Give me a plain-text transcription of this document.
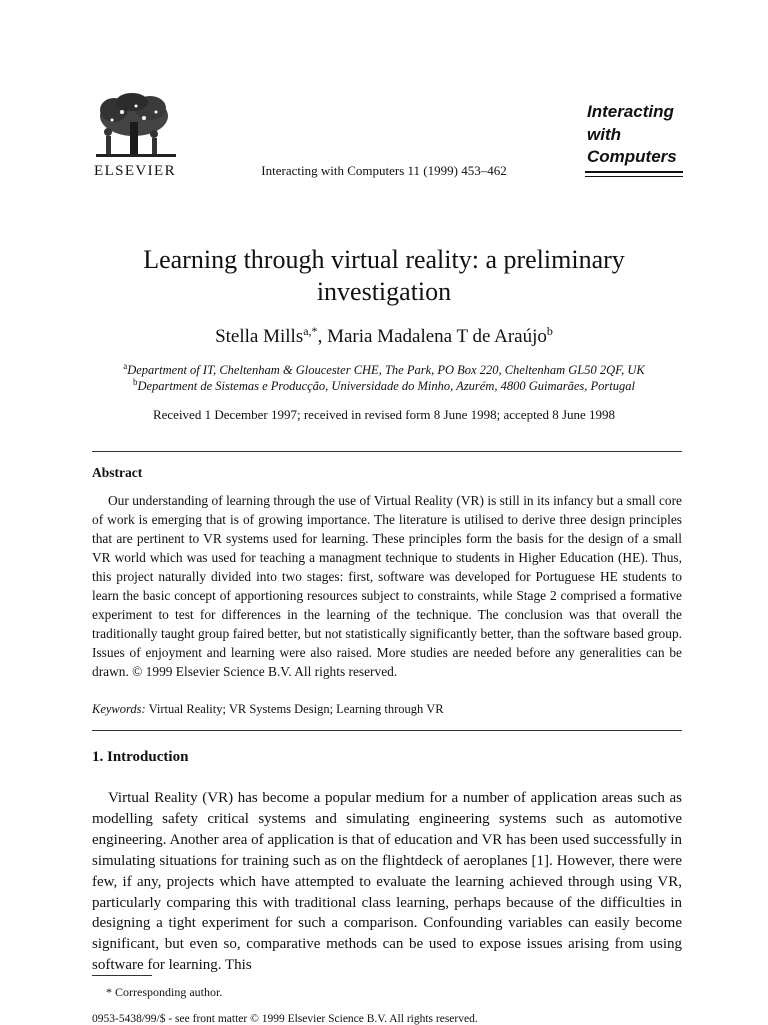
ELSEVIER	Interacting with Computers 11 (1999) 453–462
Interacting
with
Computers
Learning through virtual reality: a preliminary
investigation
Stella Mills$^{a,*}$, Maria Madalena T de Araújo$^b$
$^a$Department of IT, Cheltenham & Gloucester CHE, The Park, PO Box 220, Cheltenham GL50 2QF, UK
$^b$Department de Sistemas e Producção, Universidade do Minho, Azurém, 4800 Guimarães, Portugal
Received 1 December 1997; received in revised form 8 June 1998; accepted 8 June 1998
Abstract
Our understanding of learning through the use of Virtual Reality (VR) is still in its infancy but a small core of work is emerging that is of growing importance. The literature is utilised to derive three design principles that are pertinent to VR systems used for learning. These principles form the basis for the design of a small VR world which was used for teaching a managment technique to students in Higher Education (HE). Thus, this project naturally divided into two stages: first, software was developed for Portuguese HE students to learn the basic concept of apportioning resources subject to constraints, while Stage 2 comprised a formative experiment to test for differences in the learning of the technique. The conclusion was that overall the traditionally taught group faired better, but not statistically significantly better, than the software based group. Issues of enjoyment and learning were also raised. More studies are needed before any generalities can be drawn. © 1999 Elsevier Science B.V. All rights reserved.
Keywords: Virtual Reality; VR Systems Design; Learning through VR
1. Introduction
Virtual Reality (VR) has become a popular medium for a number of application areas such as modelling safety critical systems and simulating engineering systems such as automotive engineering. Another area of application is that of education and VR has been used successfully in simulating situations for training such as on the flightdeck of aeroplanes [1]. However, there were few, if any, projects which have attempted to evaluate the learning achieved through using VR, particularly comparing this with traditional class learning, perhaps because of the difficulties in designing a tight experiment for such a comparison. Confounding variables can easily become significant, but even so, comparative methods can be used to expose issues arising from using software for learning. This
* Corresponding author.
0953-5438/99/$ - see front matter © 1999 Elsevier Science B.V. All rights reserved.
